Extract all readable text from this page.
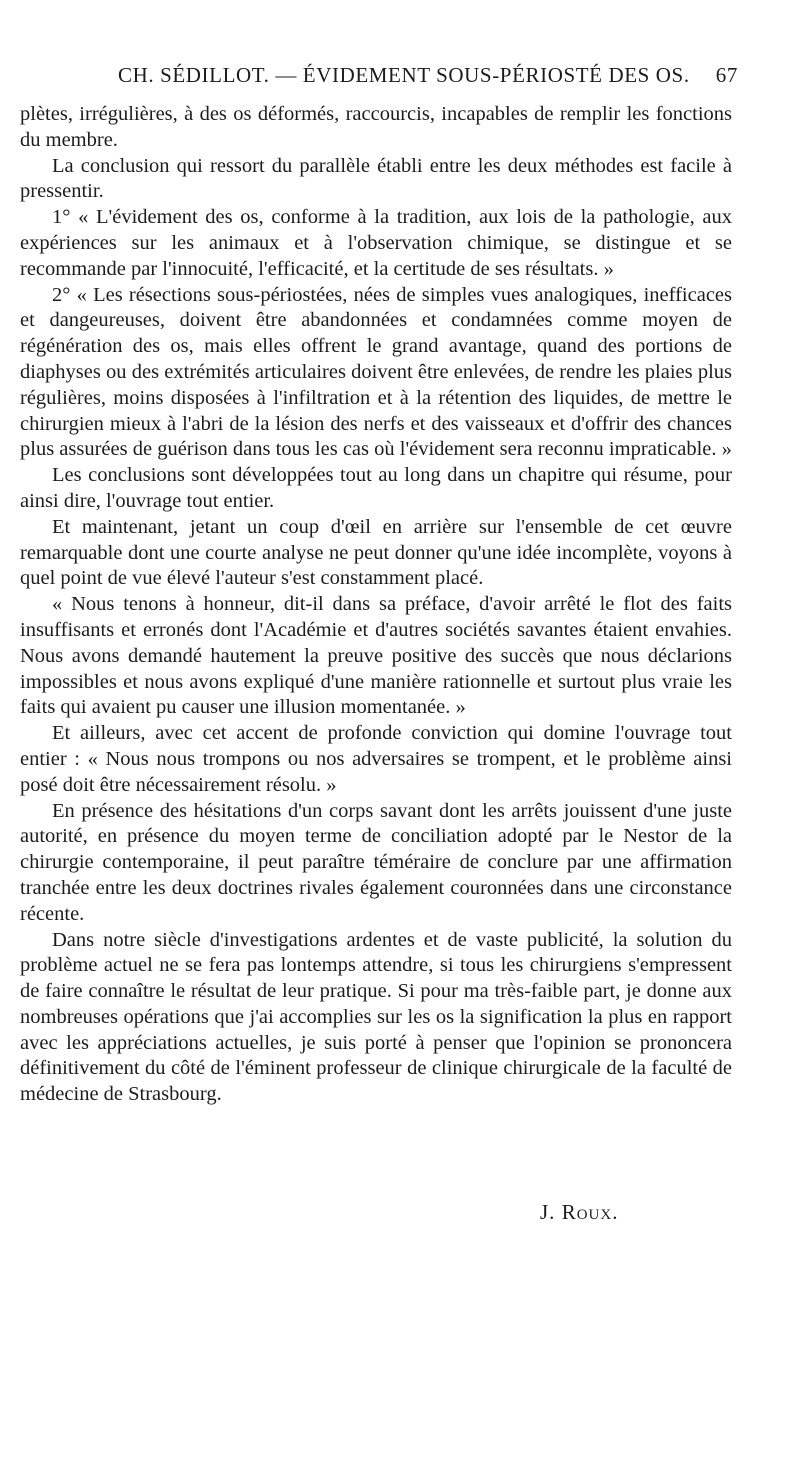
CH. SÉDILLOT. — ÉVIDEMENT SOUS-PÉRIOSTÉ DES OS. 67

plètes, irrégulières, à des os déformés, raccourcis, incapables de remplir les fonctions du membre.

La conclusion qui ressort du parallèle établi entre les deux méthodes est facile à pressentir.

1° « L'évidement des os, conforme à la tradition, aux lois de la pathologie, aux expériences sur les animaux et à l'observation chimique, se distingue et se recommande par l'innocuité, l'efficacité, et la certitude de ses résultats. »

2° « Les résections sous-périostées, nées de simples vues analogiques, inefficaces et dangeureuses, doivent être abandonnées et condamnées comme moyen de régénération des os, mais elles offrent le grand avantage, quand des portions de diaphyses ou des extrémités articulaires doivent être enlevées, de rendre les plaies plus régulières, moins disposées à l'infiltration et à la rétention des liquides, de mettre le chirurgien mieux à l'abri de la lésion des nerfs et des vaisseaux et d'offrir des chances plus assurées de guérison dans tous les cas où l'évidement sera reconnu impraticable. »

Les conclusions sont développées tout au long dans un chapitre qui résume, pour ainsi dire, l'ouvrage tout entier.

Et maintenant, jetant un coup d'œil en arrière sur l'ensemble de cet œuvre remarquable dont une courte analyse ne peut donner qu'une idée incomplète, voyons à quel point de vue élevé l'auteur s'est constamment placé.

« Nous tenons à honneur, dit-il dans sa préface, d'avoir arrêté le flot des faits insuffisants et erronés dont l'Académie et d'autres sociétés savantes étaient envahies. Nous avons demandé hautement la preuve positive des succès que nous déclarions impossibles et nous avons expliqué d'une manière rationnelle et surtout plus vraie les faits qui avaient pu causer une illusion momentanée. »

Et ailleurs, avec cet accent de profonde conviction qui domine l'ouvrage tout entier : « Nous nous trompons ou nos adversaires se trompent, et le problème ainsi posé doit être nécessairement résolu. »

En présence des hésitations d'un corps savant dont les arrêts jouissent d'une juste autorité, en présence du moyen terme de conciliation adopté par le Nestor de la chirurgie contemporaine, il peut paraître téméraire de conclure par une affirmation tranchée entre les deux doctrines rivales également couronnées dans une circonstance récente.

Dans notre siècle d'investigations ardentes et de vaste publicité, la solution du problème actuel ne se fera pas lontemps attendre, si tous les chirurgiens s'empressent de faire connaître le résultat de leur pratique. Si pour ma très-faible part, je donne aux nombreuses opérations que j'ai accomplies sur les os la signification la plus en rapport avec les appréciations actuelles, je suis porté à penser que l'opinion se prononcera définitivement du côté de l'éminent professeur de clinique chirurgicale de la faculté de médecine de Strasbourg.

J. Roux.
